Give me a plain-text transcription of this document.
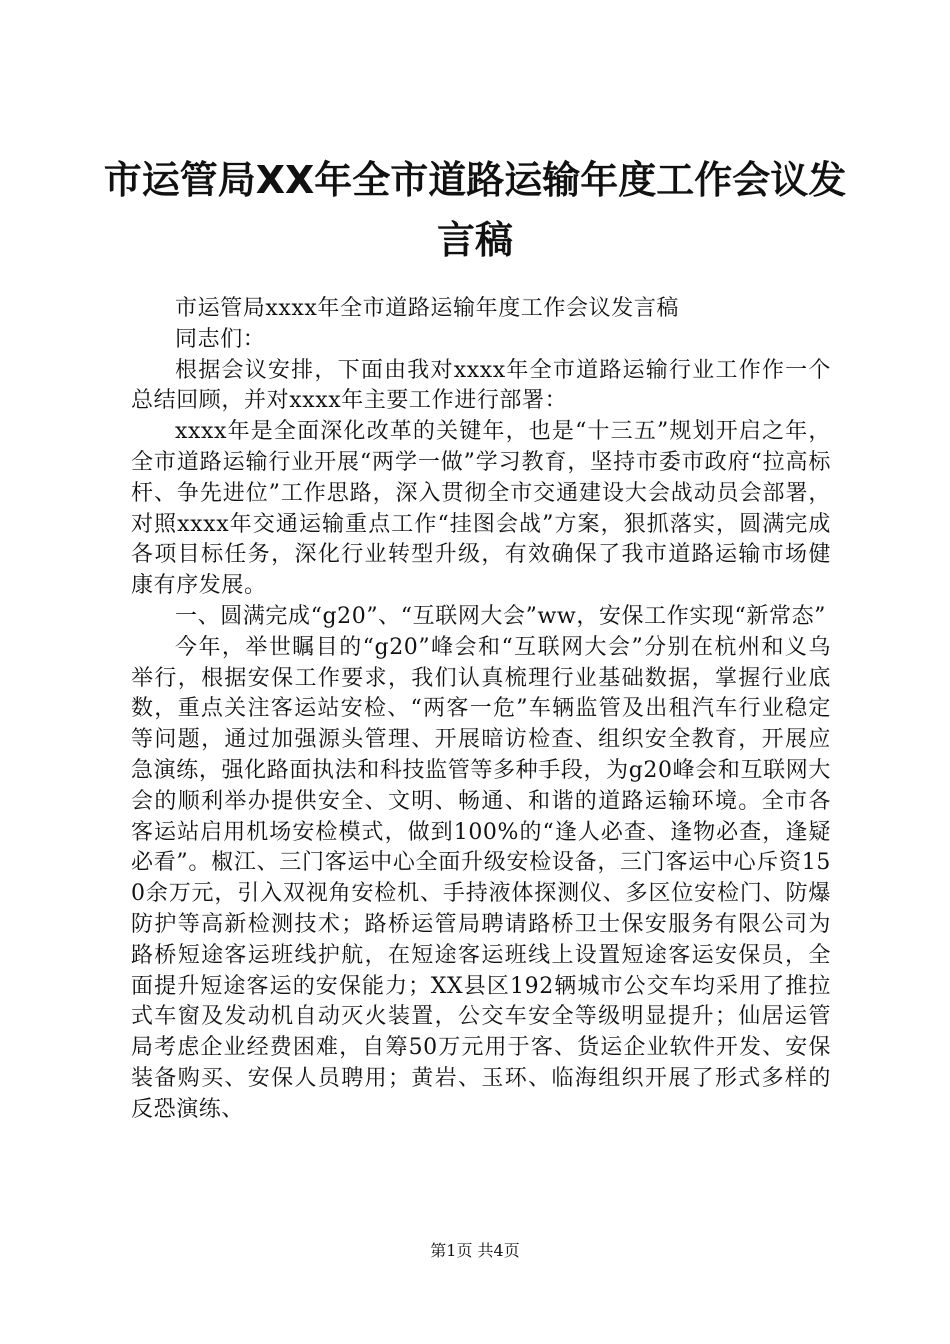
市运管局XX年全市道路运输年度工作会议发言稿

市运管局xxxx年全市道路运输年度工作会议发言稿

同志们：

根据会议安排，下面由我对xxxx年全市道路运输行业工作作一个总结回顾，并对xxxx年主要工作进行部署：

xxxx年是全面深化改革的关键年，也是“十三五”规划开启之年，全市道路运输行业开展“两学一做”学习教育，坚持市委市政府“拉高标杆、争先进位”工作思路，深入贯彻全市交通建设大会战动员会部署，对照xxxx年交通运输重点工作“挂图会战”方案，狠抓落实，圆满完成各项目标任务，深化行业转型升级，有效确保了我市道路运输市场健康有序发展。

一、圆满完成“g20”、“互联网大会”ww，安保工作实现“新常态”

今年，举世瞩目的“g20”峰会和“互联网大会”分别在杭州和义乌举行，根据安保工作要求，我们认真梳理行业基础数据，掌握行业底数，重点关注客运站安检、“两客一危”车辆监管及出租汽车行业稳定等问题，通过加强源头管理、开展暗访检查、组织安全教育，开展应急演练，强化路面执法和科技监管等多种手段，为g20峰会和互联网大会的顺利举办提供安全、文明、畅通、和谐的道路运输环境。全市各客运站启用机场安检模式，做到100%的“逢人必查、逢物必查，逢疑必看”。椒江、三门客运中心全面升级安检设备，三门客运中心斥资150余万元，引入双视角安检机、手持液体探测仪、多区位安检门、防爆防护等高新检测技术；路桥运管局聘请路桥卫士保安服务有限公司为路桥短途客运班线护航，在短途客运班线上设置短途客运安保员，全面提升短途客运的安保能力；XX县区192辆城市公交车均采用了推拉式车窗及发动机自动灭火装置，公交车安全等级明显提升；仙居运管局考虑企业经费困难，自筹50万元用于客、货运企业软件开发、安保装备购买、安保人员聘用；黄岩、玉环、临海组织开展了形式多样的反恐演练、

第1页 共4页
